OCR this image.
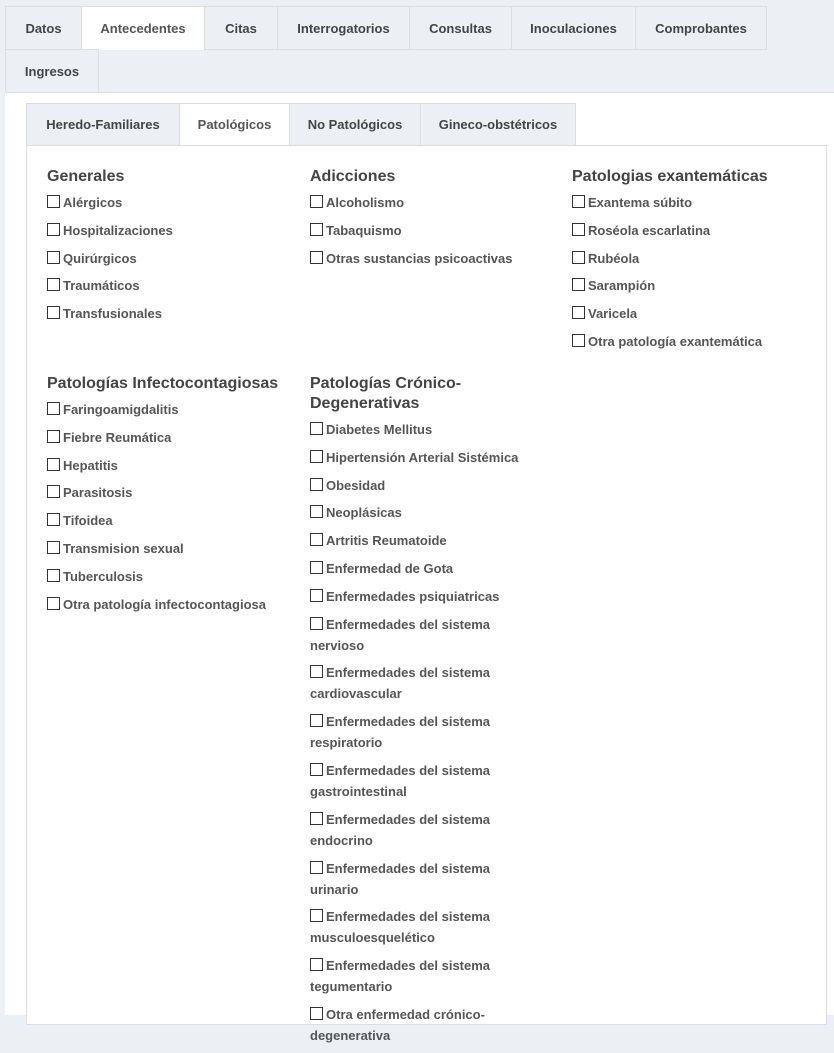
Datos	Antecedentes	Citas	Interrogatorios	Consultas	Inoculaciones	Comprobantes
Ingresos
Heredo-Familiares	Patológicos	No Patológicos	Gineco-obstétricos
Generales
Alérgicos
Hospitalizaciones
Quirúrgicos
Traumáticos
Transfusionales
Adicciones
Alcoholismo
Tabaquismo
Otras sustancias psicoactivas
Patologias exantemáticas
Exantema súbito
Roséola escarlatina
Rubéola
Sarampión
Varicela
Otra patología exantemática
Patologías Infectocontagiosas
Faringoamigdalitis
Fiebre Reumática
Hepatitis
Parasitosis
Tifoidea
Transmision sexual
Tuberculosis
Otra patología infectocontagiosa
Patologías Crónico-Degenerativas
Diabetes Mellitus
Hipertensión Arterial Sistémica
Obesidad
Neoplásicas
Artritis Reumatoide
Enfermedad de Gota
Enfermedades psiquiatricas
Enfermedades del sistema nervioso
Enfermedades del sistema cardiovascular
Enfermedades del sistema respiratorio
Enfermedades del sistema gastrointestinal
Enfermedades del sistema endocrino
Enfermedades del sistema urinario
Enfermedades del sistema musculoesquelético
Enfermedades del sistema tegumentario
Otra enfermedad crónico-degenerativa
